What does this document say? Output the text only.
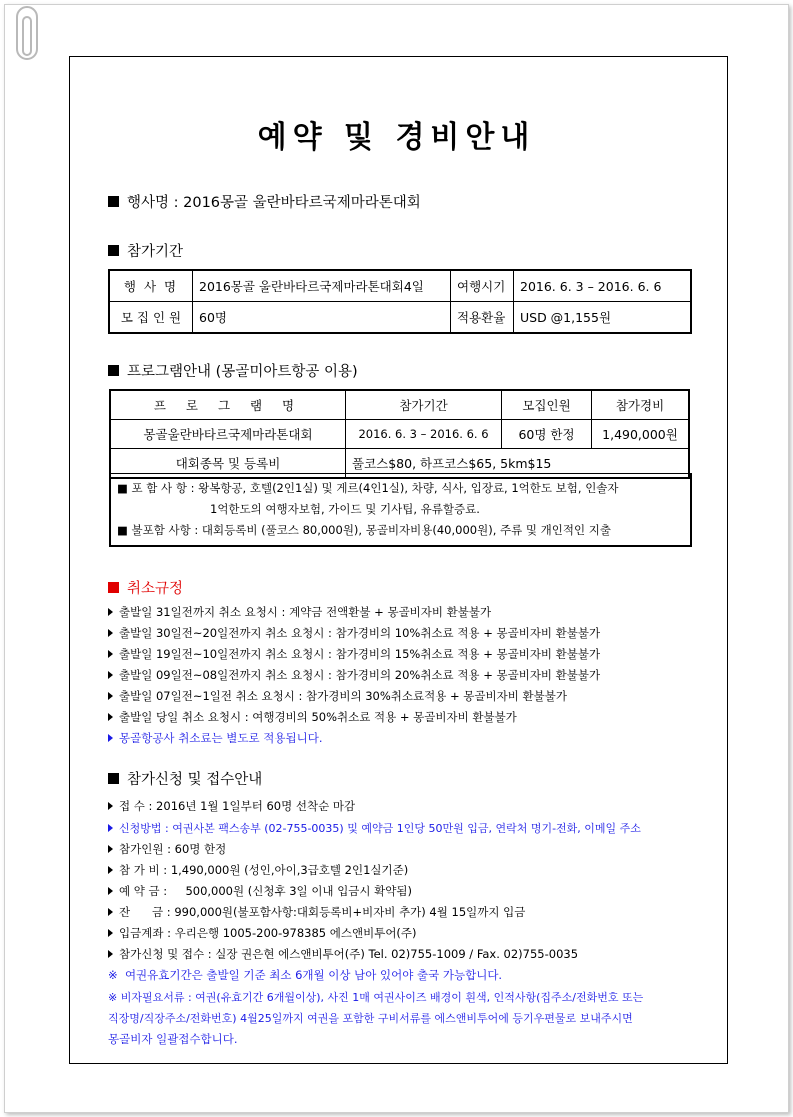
예약 및 경비안내
행사명 : 2016몽골 울란바타르국제마라톤대회
참가기간
행 사 명	2016몽골 울란바타르국제마라톤대회4일	여행시기	2016. 6. 3 – 2016. 6. 6
모 집 인 원	60명	적용환율	USD @1,155원
프로그램안내 (몽골미아트항공 이용)
프 로 그 램 명	참가기간	모집인원	참가경비
몽골울란바타르국제마라톤대회	2016. 6. 3 – 2016. 6. 6	60명 한정	1,490,000원
대회종목 및 등록비	풀코스$80, 하프코스$65, 5km$15		
■ 포 함 사 항 : 왕복항공, 호텔(2인1실) 및 게르(4인1실), 차량, 식사, 입장료, 1억한도 보험, 인솔자
1억한도의 여행자보험, 가이드 및 기사팁, 유류할증료.
■ 불포함 사항 : 대회등록비 (풀코스 80,000원), 몽골비자비용(40,000원), 주류 및 개인적인 지출
취소규정
출발일 31일전까지 취소 요청시 : 계약금 전액환불 + 몽골비자비 환불불가
출발일 30일전~20일전까지 취소 요청시 : 참가경비의 10%취소료 적용 + 몽골비자비 환불불가
출발일 19일전~10일전까지 취소 요청시 : 참가경비의 15%취소료 적용 + 몽골비자비 환불불가
출발일 09일전~08일전까지 취소 요청시 : 참가경비의 20%취소료 적용 + 몽골비자비 환불불가
출발일 07일전~1일전 취소 요청시 : 참가경비의 30%취소료적용 + 몽골비자비 환불불가
출발일 당일 취소 요청시 : 여행경비의 50%취소료 적용 + 몽골비자비 환불불가
몽골항공사 취소료는 별도로 적용됩니다.
참가신청 및 접수안내
접 수 : 2016년 1월 1일부터 60명 선착순 마감
신청방법 : 여권사본 팩스송부 (02-755-0035) 및 예약금 1인당 50만원 입금, 연락처 명기-전화, 이메일 주소
참가인원 : 60명 한정
참 가 비 : 1,490,000원 (성인,아이,3급호텔 2인1실기준)
예 약 금 :     500,000원 (신청후 3일 이내 입금시 확약됨)
잔      금 : 990,000원(불포함사항:대회등록비+비자비 추가) 4월 15일까지 입금
입금계좌 : 우리은행 1005-200-978385 에스앤비투어(주)
참가신청 및 접수 : 실장 권은현 에스앤비투어(주) Tel. 02)755-1009 / Fax. 02)755-0035
※  여권유효기간은 출발일 기준 최소 6개월 이상 남아 있어야 출국 가능합니다.
※ 비자필요서류 : 여권(유효기간 6개월이상), 사진 1매 여권사이즈 배경이 흰색, 인적사항(집주소/전화번호 또는
직장명/직장주소/전화번호) 4월25일까지 여권을 포함한 구비서류를 에스앤비투어에 등기우편물로 보내주시면
몽골비자 일괄접수합니다.
